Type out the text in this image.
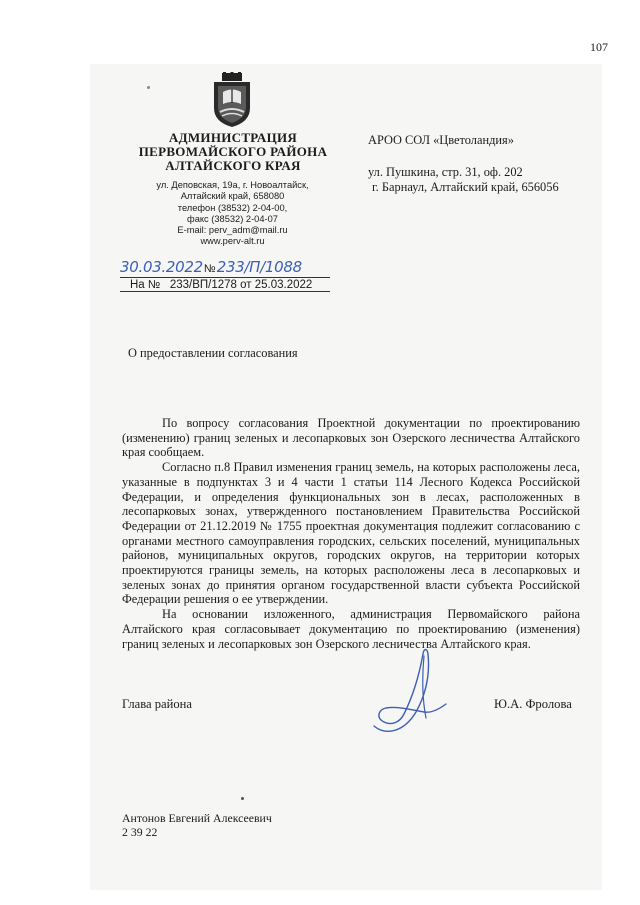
107
АДМИНИСТРАЦИЯ
ПЕРВОМАЙСКОГО РАЙОНА
АЛТАЙСКОГО КРАЯ
ул. Деповская, 19а, г. Новоалтайск,
Алтайский край, 658080
телефон (38532) 2-04-00,
факс (38532) 2-04-07
E-mail: perv_adm@mail.ru
www.perv-alt.ru
АРОО СОЛ «Цветоландия»
ул. Пушкина, стр. 31, оф. 202
г. Барнаул, Алтайский край, 656056
30.03.2022№233/П/1088
На №   233/ВП/1278 от 25.03.2022
О предоставлении согласования

По вопросу согласования Проектной документации по проектированию (изменению) границ зеленых и лесопарковых зон Озерского лесничества Алтайского края сообщаем.

Согласно п.8 Правил изменения границ земель, на которых расположены леса, указанные в подпунктах 3 и 4 части 1 статьи 114 Лесного Кодекса Российской Федерации, и определения функциональных зон в лесах, расположенных в лесопарковых зонах, утвержденного постановлением Правительства Российской Федерации от 21.12.2019 № 1755 проектная документация подлежит согласованию с органами местного самоуправления городских, сельских поселений, муниципальных районов, муниципальных округов, городских округов, на территории которых проектируются границы земель, на которых расположены леса в лесопарковых и зеленых зонах до принятия органом государственной власти субъекта Российской Федерации решения о ее утверждении.

На основании изложенного, администрация Первомайского района Алтайского края согласовывает документацию по проектированию (изменения) границ зеленых и лесопарковых зон Озерского лесничества Алтайского края.

Глава района	Ю.А. Фролова
Антонов Евгений Алексеевич
2 39 22
